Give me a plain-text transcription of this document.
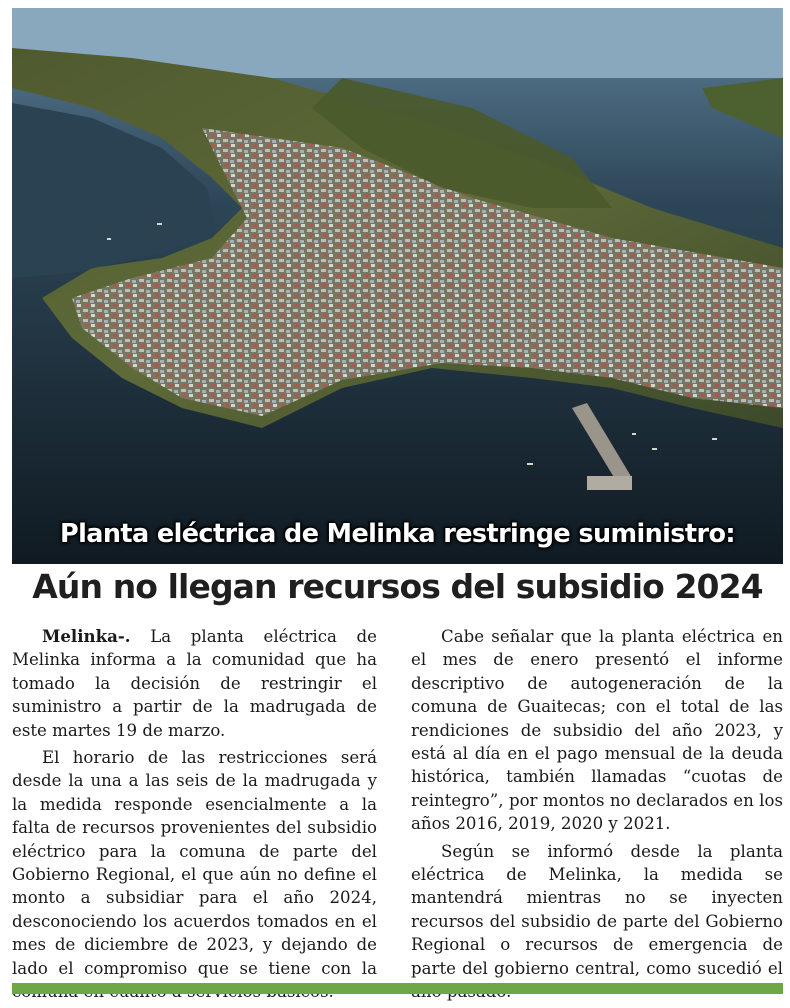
Planta eléctrica de Melinka restringe suministro:
Aún no llegan recursos del subsidio 2024

Melinka-. La planta eléctrica de Melinka informa a la comunidad que ha tomado la decisión de restringir el suministro a partir de la madrugada de este martes 19 de marzo.

El horario de las restricciones será desde la una a las seis de la madrugada y la medida responde esencialmente a la falta de recursos provenientes del subsidio eléctrico para la comuna de parte del Gobierno Regional, el que aún no define el monto a subsidiar para el año 2024, desconociendo los acuerdos tomados en el mes de diciembre de 2023, y dejando de lado el compromiso que se tiene con la

Cabe señalar que la planta eléctrica en el mes de enero presentó el informe descriptivo de autogeneración de la comuna de Guaitecas; con el total de las rendiciones de subsidio del año 2023, y está al día en el pago mensual de la deuda histórica, también llamadas “cuotas de reintegro”, por montos no declarados en los años 2016, 2019, 2020 y 2021.

Según se informó desde la planta eléctrica de Melinka, la medida se mantendrá mientras no se inyecten recursos del subsidio de parte del Gobierno Regional o recursos de emergencia de parte del gobierno central, como sucedió el
